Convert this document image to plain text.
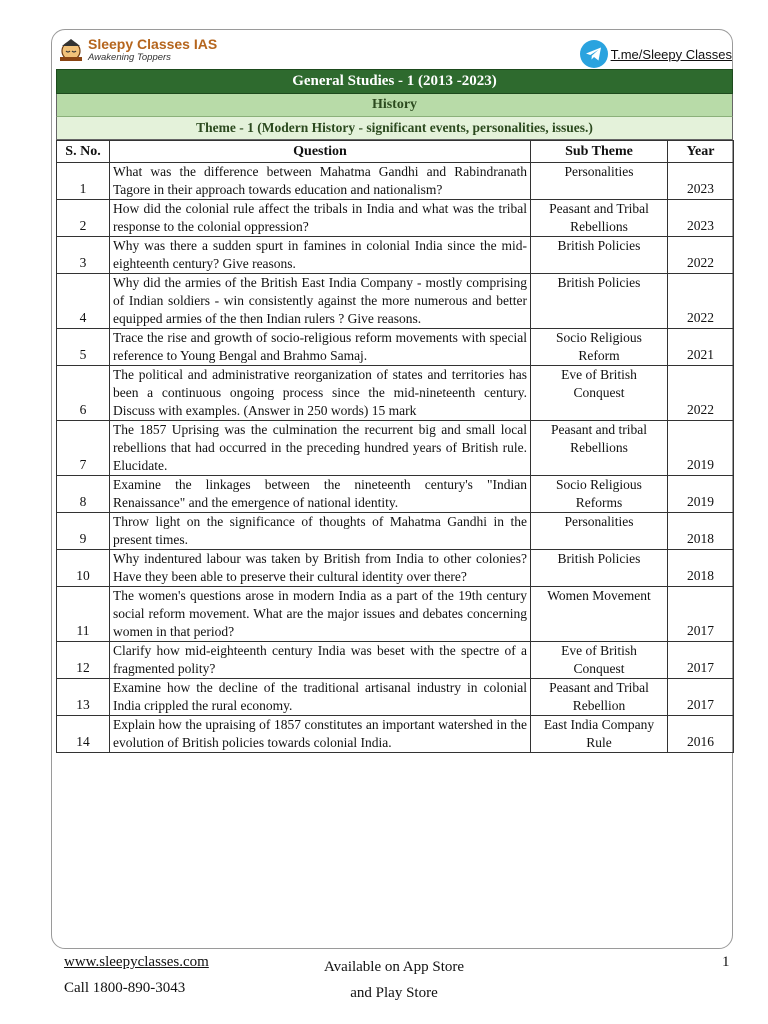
Sleepy Classes IAS
Awakening Toppers	T.me/Sleepy Classes
General Studies - 1 (2013 -2023)
History
Theme - 1 (Modern History - significant events, personalities, issues.)
S. No.	Question	Sub Theme	Year
1	What was the difference between Mahatma Gandhi and Rabindranath Tagore in their approach towards education and nationalism?	Personalities	2023
2	How did the colonial rule affect the tribals in India and what was the tribal response to the colonial oppression?	Peasant and Tribal Rebellions	2023
3	Why was there a sudden spurt in famines in colonial India since the mid-eighteenth century? Give reasons.	British Policies	2022
4	Why did the armies of the British East India Company - mostly comprising of Indian soldiers - win consistently against the more numerous and better equipped armies of the then Indian rulers ? Give reasons.	British Policies	2022
5	Trace the rise and growth of socio-religious reform movements with special reference to Young Bengal and Brahmo Samaj.	Socio Religious Reform	2021
6	The political and administrative reorganization of states and territories has been a continuous ongoing process since the mid-nineteenth century. Discuss with examples. (Answer in 250 words) 15 mark	Eve of British Conquest	2022
7	The 1857 Uprising was the culmination the recurrent big and small local rebellions that had occurred in the preceding hundred years of British rule. Elucidate.	Peasant and tribal Rebellions	2019
8	Examine the linkages between the nineteenth century's "Indian Renaissance" and the emergence of national identity.	Socio Religious Reforms	2019
9	Throw light on the significance of thoughts of Mahatma Gandhi in the present times.	Personalities	2018
10	Why indentured labour was taken by British from India to other colonies? Have they been able to preserve their cultural identity over there?	British Policies	2018
11	The women's questions arose in modern India as a part of the 19th century social reform movement. What are the major issues and debates concerning women in that period?	Women Movement	2017
12	Clarify how mid-eighteenth century India was beset with the spectre of a fragmented polity?	Eve of British Conquest	2017
13	Examine how the decline of the traditional artisanal industry in colonial India crippled the rural economy.	Peasant and Tribal Rebellion	2017
14	Explain how the upraising of 1857 constitutes an important watershed in the evolution of British policies towards colonial India.	East India Company Rule	2016
www.sleepyclasses.com
Call 1800-890-3043
Available on App Store
and Play Store
1
